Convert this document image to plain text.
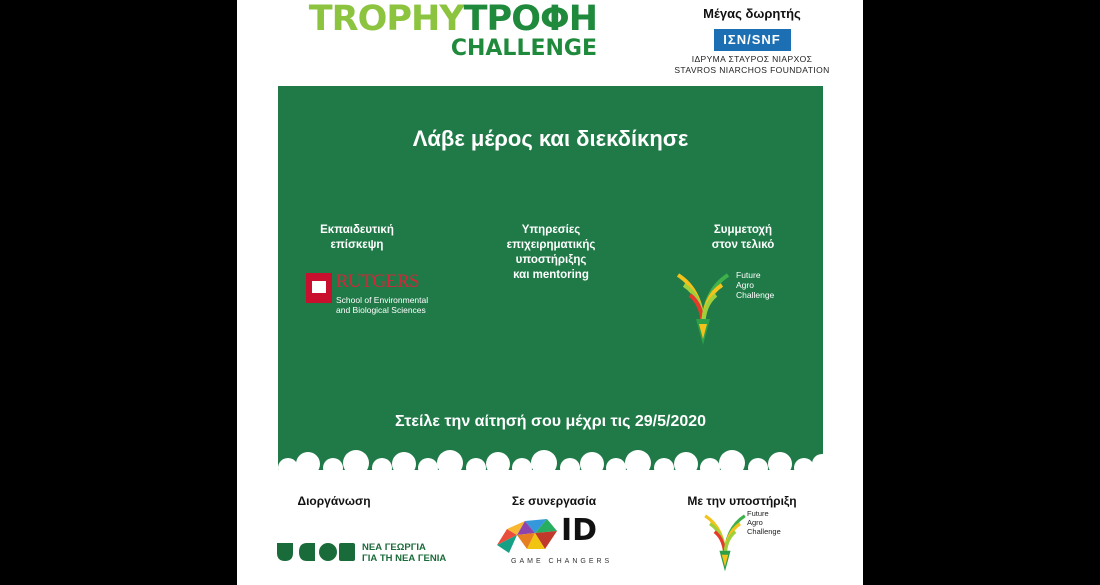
TROPHYΤΡΟΦΗ
CHALLENGE
Μέγας δωρητής
ΙΣΝ/SNF
ΙΔΡΥΜΑ ΣΤΑΥΡΟΣ ΝΙΑΡΧΟΣ
STAVROS NIARCHOS FOUNDATION
Λάβε μέρος και διεκδίκησε
Εκπαιδευτική
επίσκεψη
Υπηρεσίες
επιχειρηματικής
υποστήριξης
και mentoring
Συμμετοχή
στον τελικό
RUTGERS
School of Environmental
and Biological Sciences
Future
Agro
Challenge
Στείλε την αίτησή σου μέχρι τις 29/5/2020
Διοργάνωση	Σε συνεργασία	Με την υποστήριξη
ΝΕΑ ΓΕΩΡΓΙΑ
ΓΙΑ ΤΗ ΝΕΑ ΓΕΝΙΑ
ID
GAME CHANGERS
Future
Agro
Challenge
